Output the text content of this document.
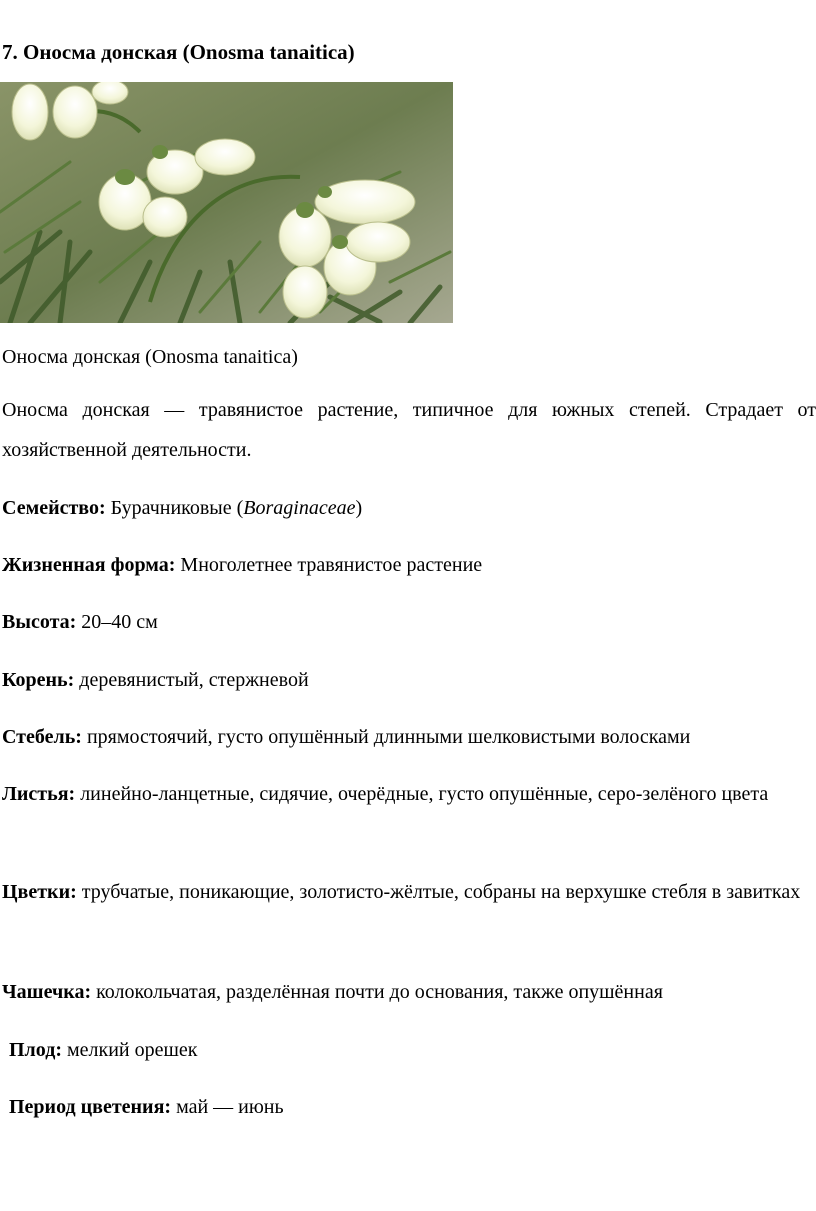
7. Оносма донская (Onosma tanaitica)
Оносма донская (Onosma tanaitica)
Оносма донская — травянистое растение, типичное для южных степей. Страдает от хозяйственной деятельности.
Семейство: Бурачниковые (Boraginaceae)
Жизненная форма: Многолетнее травянистое растение
Высота: 20–40 см
Корень: деревянистый, стержневой
Стебель: прямостоячий, густо опушённый длинными шелковистыми волосками
Листья: линейно-ланцетные, сидячие, очерёдные, густо опушённые, серо-зелёного цвета
Цветки: трубчатые, поникающие, золотисто-жёлтые, собраны на верхушке стебля в завитках
Чашечка: колокольчатая, разделённая почти до основания, также опушённая
Плод: мелкий орешек
Период цветения: май — июнь
